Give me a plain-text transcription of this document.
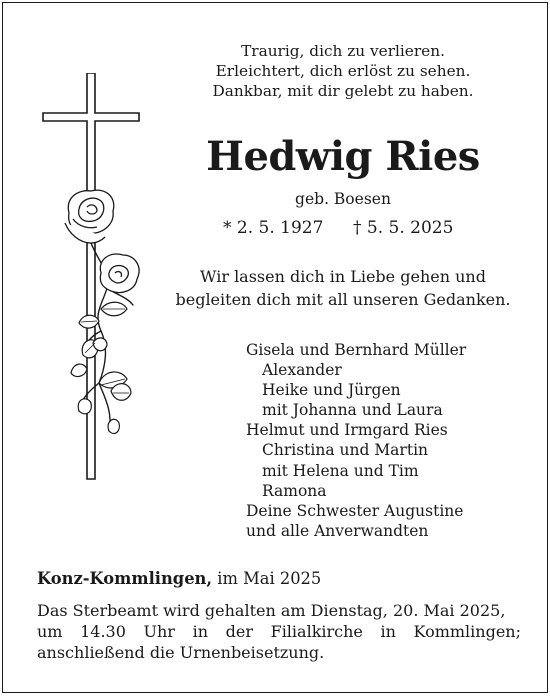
Traurig, dich zu verlieren.
Erleichtert, dich erlöst zu sehen.
Dankbar, mit dir gelebt zu haben.
Hedwig Ries
geb. Boesen
* 2. 5. 1927 † 5. 5. 2025
Wir lassen dich in Liebe gehen und
begleiten dich mit all unseren Gedanken.
Gisela und Bernhard Müller
Alexander
Heike und Jürgen
mit Johanna und Laura
Helmut und Irmgard Ries
Christina und Martin
mit Helena und Tim
Ramona
Deine Schwester Augustine
und alle Anverwandten
Konz-Kommlingen, im Mai 2025
Das Sterbeamt wird gehalten am Dienstag, 20. Mai 2025,
um 14.30 Uhr in der Filialkirche in Kommlingen;
anschließend die Urnenbeisetzung.
